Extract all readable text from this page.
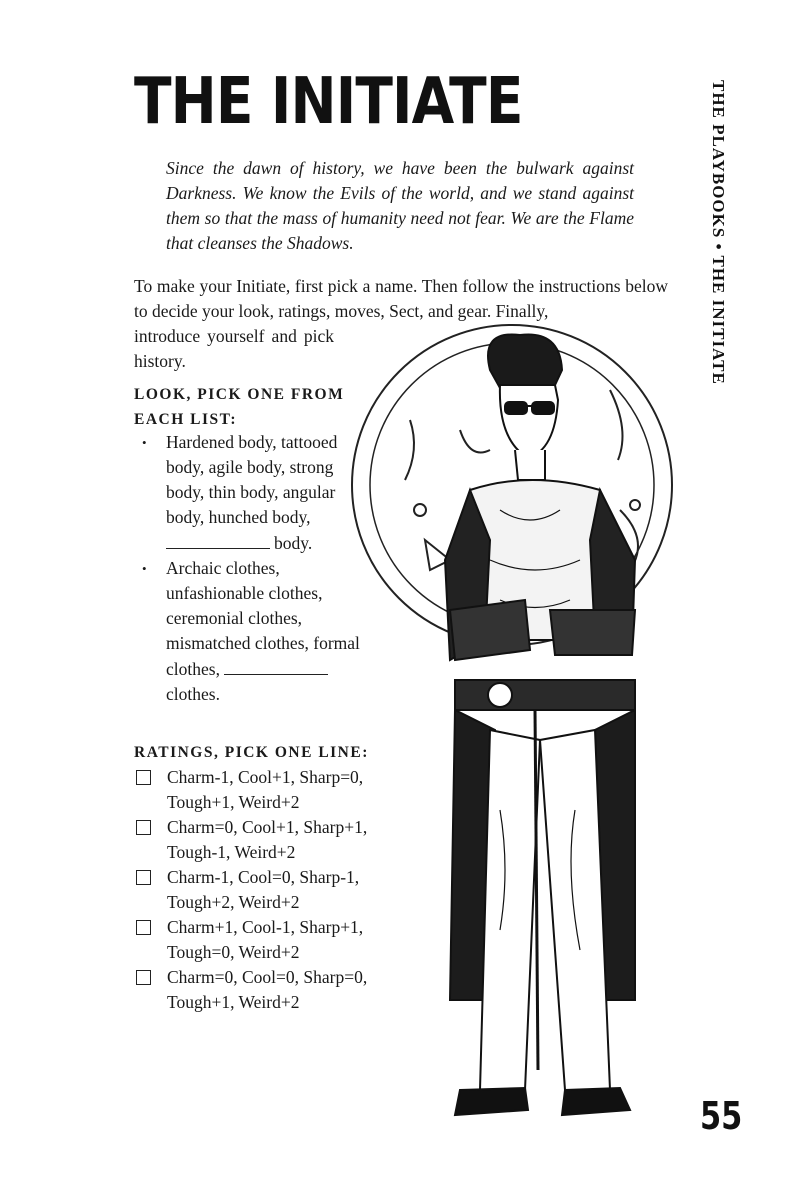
THE INITIATE
Since the dawn of history, we have been the bulwark against Darkness. We know the Evils of the world, and we stand against them so that the mass of humanity need not fear. We are the Flame that cleanses the Shadows.	THE PLAYBOOKS • THE INITIATE

To make your Initiate, first pick a name. Then follow the instructions below to decide your look, ratings, moves, Sect, and gear. Finally,

introduce yourself and pick history.

LOOK, PICK ONE FROM EACH LIST:
• Hardened body, tattooed body, agile body, strong body, thin body, angular body, hunched body, body.
• Archaic clothes, unfashionable clothes, ceremonial clothes, mismatched clothes, formal clothes, clothes.
RATINGS, PICK ONE LINE:
Charm-1, Cool+1, Sharp=0,
Tough+1, Weird+2
Charm=0, Cool+1, Sharp+1,
Tough-1, Weird+2
Charm-1, Cool=0, Sharp-1,
Tough+2, Weird+2
Charm+1, Cool-1, Sharp+1,
Tough=0, Weird+2
Charm=0, Cool=0, Sharp=0,
Tough+1, Weird+2
55
